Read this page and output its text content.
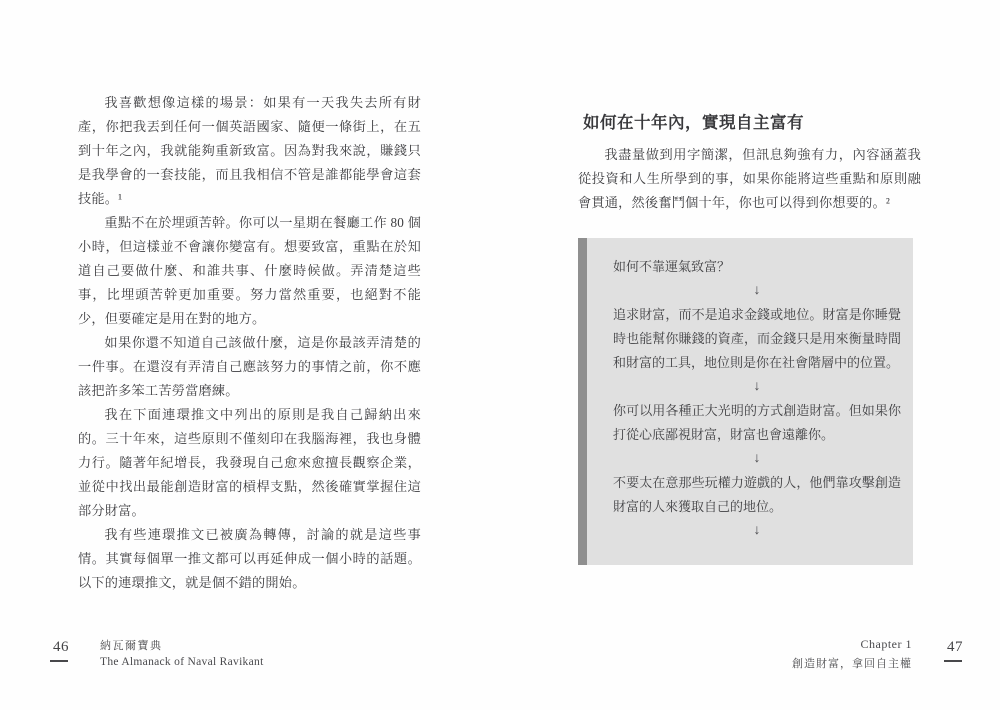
我喜歡想像這樣的場景：如果有一天我失去所有財產，你把我丟到任何一個英語國家、隨便一條街上，在五到十年之內，我就能夠重新致富。因為對我來說，賺錢只是我學會的一套技能，而且我相信不管是誰都能學會這套技能。¹

重點不在於埋頭苦幹。你可以一星期在餐廳工作 80 個小時，但這樣並不會讓你變富有。想要致富，重點在於知道自己要做什麼、和誰共事、什麼時候做。弄清楚這些事，比埋頭苦幹更加重要。努力當然重要，也絕對不能少，但要確定是用在對的地方。

如果你還不知道自己該做什麼，這是你最該弄清楚的一件事。在還沒有弄清自己應該努力的事情之前，你不應該把許多笨工苦勞當磨練。

我在下面連環推文中列出的原則是我自己歸納出來的。三十年來，這些原則不僅刻印在我腦海裡，我也身體力行。隨著年紀增長，我發現自己愈來愈擅長觀察企業，並從中找出最能創造財富的槓桿支點，然後確實掌握住這部分財富。

我有些連環推文已被廣為轉傳，討論的就是這些事情。其實每個單一推文都可以再延伸成一個小時的話題。以下的連環推文，就是個不錯的開始。

46	納瓦爾寶典
The Almanack of Naval Ravikant
如何在十年內，實現自主富有

我盡量做到用字簡潔，但訊息夠強有力，內容涵蓋我從投資和人生所學到的事，如果你能將這些重點和原則融會貫通，然後奮鬥個十年，你也可以得到你想要的。²

如何不靠運氣致富？

↓

追求財富，而不是追求金錢或地位。財富是你睡覺時也能幫你賺錢的資產，而金錢只是用來衡量時間和財富的工具，地位則是你在社會階層中的位置。

↓

你可以用各種正大光明的方式創造財富。但如果你打從心底鄙視財富，財富也會遠離你。

↓

不要太在意那些玩權力遊戲的人，他們靠攻擊創造財富的人來獲取自己的地位。

↓
Chapter 1
創造財富，拿回自主權
47
